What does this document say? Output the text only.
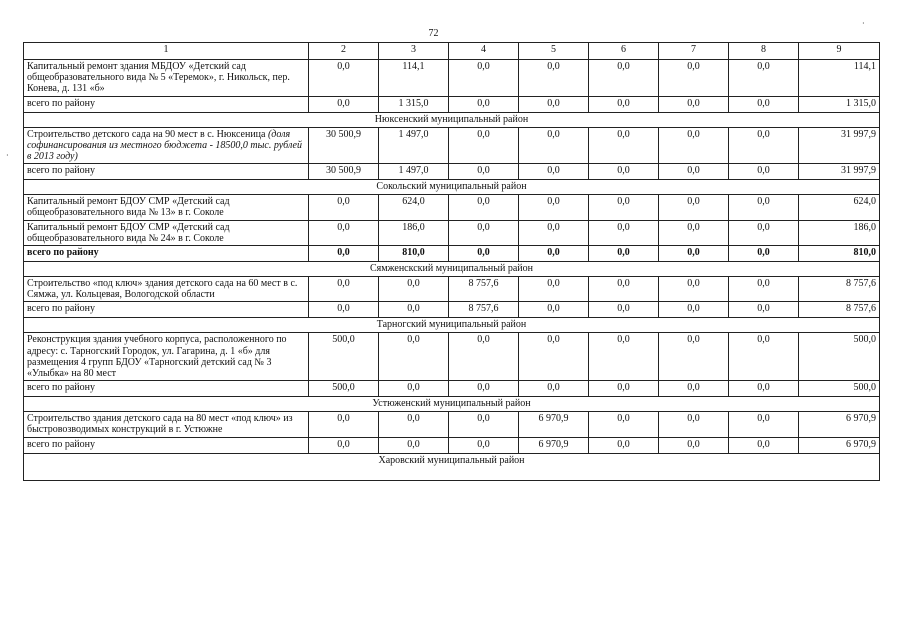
72
·
·
1	2	3	4	5	6	7	8	9
Капитальный ремонт здания МБДОУ «Детский сад общеобразовательного вида № 5 «Теремок», г. Никольск, пер. Конева, д. 131 «б»	0,0	114,1	0,0	0,0	0,0	0,0	0,0	114,1
всего по району	0,0	1 315,0	0,0	0,0	0,0	0,0	0,0	1 315,0
Нюксенский муниципальный район								
Строительство детского сада на 90 мест в с. Нюксеница (доля софинансирования из местного бюджета - 18500,0 тыс. рублей в 2013 году)	30 500,9	1 497,0	0,0	0,0	0,0	0,0	0,0	31 997,9
всего по району	30 500,9	1 497,0	0,0	0,0	0,0	0,0	0,0	31 997,9
Сокольский муниципальный район								
Капитальный ремонт БДОУ СМР «Детский сад общеобразовательного вида № 13» в г. Соколе	0,0	624,0	0,0	0,0	0,0	0,0	0,0	624,0
Капитальный ремонт БДОУ СМР «Детский сад общеобразовательного вида № 24» в г. Соколе	0,0	186,0	0,0	0,0	0,0	0,0	0,0	186,0
всего по району	0,0	810,0	0,0	0,0	0,0	0,0	0,0	810,0
Сямженскский муниципальный район								
Строительство «под ключ» здания детского сада на 60 мест в с. Сямжа, ул. Кольцевая, Вологодской области	0,0	0,0	8 757,6	0,0	0,0	0,0	0,0	8 757,6
всего по району	0,0	0,0	8 757,6	0,0	0,0	0,0	0,0	8 757,6
Тарногский муниципальный район								
Реконструкция здания учебного корпуса, расположенного по адресу: с. Тарногский Городок, ул. Гагарина, д. 1 «б» для размещения 4 групп БДОУ «Тарногский детский сад № 3 «Улыбка» на 80 мест	500,0	0,0	0,0	0,0	0,0	0,0	0,0	500,0
всего по району	500,0	0,0	0,0	0,0	0,0	0,0	0,0	500,0
Устюженский муниципальный район								
Строительство здания детского сада на 80 мест «под ключ» из быстровозводимых конструкций в г. Устюжне	0,0	0,0	0,0	6 970,9	0,0	0,0	0,0	6 970,9
всего по району	0,0	0,0	0,0	6 970,9	0,0	0,0	0,0	6 970,9
Харовский муниципальный район								
